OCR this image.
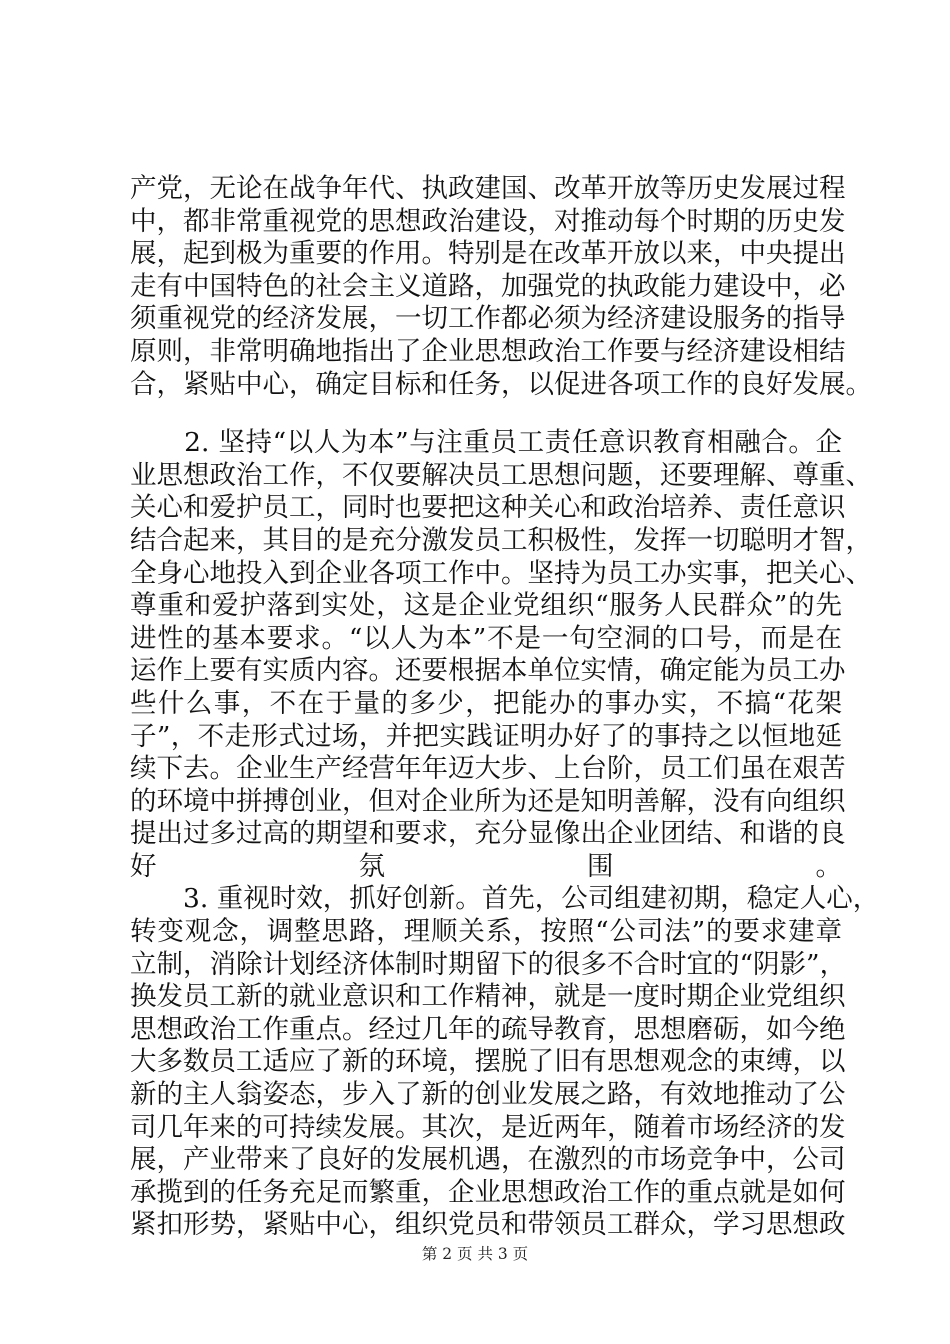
产党，无论在战争年代、执政建国、改革开放等历史发展过程
中，都非常重视党的思想政治建设，对推动每个时期的历史发
展，起到极为重要的作用。特别是在改革开放以来，中央提出
走有中国特色的社会主义道路，加强党的执政能力建设中，必
须重视党的经济发展，一切工作都必须为经济建设服务的指导
原则，非常明确地指出了企业思想政治工作要与经济建设相结
合，紧贴中心，确定目标和任务，以促进各项工作的良好发展。
　　2. 坚持“以人为本”与注重员工责任意识教育相融合。企
业思想政治工作，不仅要解决员工思想问题，还要理解、尊重、
关心和爱护员工，同时也要把这种关心和政治培养、责任意识
结合起来，其目的是充分激发员工积极性，发挥一切聪明才智，
全身心地投入到企业各项工作中。坚持为员工办实事，把关心、
尊重和爱护落到实处，这是企业党组织“服务人民群众”的先
进性的基本要求。“以人为本”不是一句空洞的口号，而是在
运作上要有实质内容。还要根据本单位实情，确定能为员工办
些什么事，不在于量的多少，把能办的事办实，不搞“花架
子”，不走形式过场，并把实践证明办好了的事持之以恒地延
续下去。企业生产经营年年迈大步、上台阶，员工们虽在艰苦
的环境中拼搏创业，但对企业所为还是知明善解，没有向组织
提出过多过高的期望和要求，充分显像出企业团结、和谐的良
好氛围。
　　3. 重视时效，抓好创新。首先，公司组建初期，稳定人心，
转变观念，调整思路，理顺关系，按照“公司法”的要求建章
立制，消除计划经济体制时期留下的很多不合时宜的“阴影”，
换发员工新的就业意识和工作精神，就是一度时期企业党组织
思想政治工作重点。经过几年的疏导教育，思想磨砺，如今绝
大多数员工适应了新的环境，摆脱了旧有思想观念的束缚，以
新的主人翁姿态，步入了新的创业发展之路，有效地推动了公
司几年来的可持续发展。其次，是近两年，随着市场经济的发
展，产业带来了良好的发展机遇，在激烈的市场竞争中，公司
承揽到的任务充足而繁重，企业思想政治工作的重点就是如何
紧扣形势，紧贴中心，组织党员和带领员工群众，学习思想政
第 2 页 共 3 页
